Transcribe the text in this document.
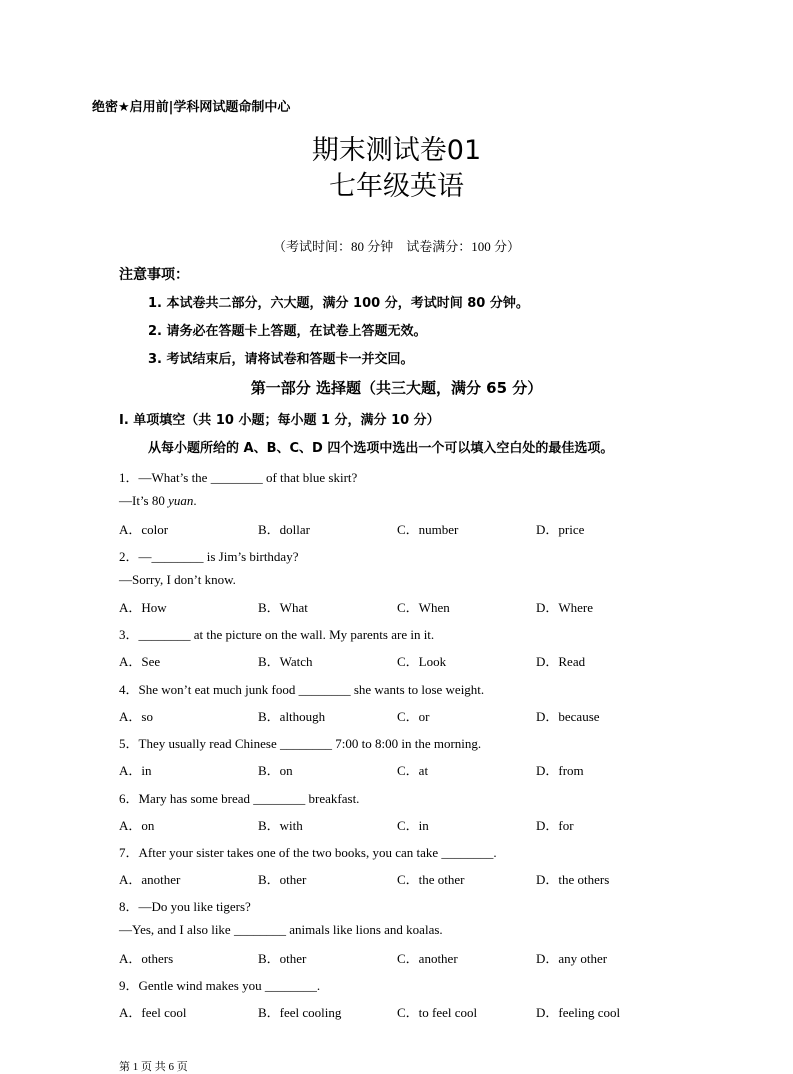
绝密★启用前|学科网试题命制中心
期末测试卷01
七年级英语
（考试时间：80 分钟　试卷满分：100 分）
注意事项：
1. 本试卷共二部分，六大题，满分 100 分，考试时间 80 分钟。
2. 请务必在答题卡上答题，在试卷上答题无效。
3. 考试结束后，请将试卷和答题卡一并交回。
第一部分 选择题（共三大题，满分 65 分）
I. 单项填空（共 10 小题；每小题 1 分，满分 10 分）
从每小题所给的 A、B、C、D 四个选项中选出一个可以填入空白处的最佳选项。
1．—What’s the ________ of that blue skirt?
—It’s 80 yuan.
A．color	B．dollar	C．number	D．price
2．—________ is Jim’s birthday?
—Sorry, I don’t know.
A．How	B．What	C．When	D．Where
3．________ at the picture on the wall. My parents are in it.
A．See	B．Watch	C．Look	D．Read
4．She won’t eat much junk food ________ she wants to lose weight.
A．so	B．although	C．or	D．because
5．They usually read Chinese ________ 7:00 to 8:00 in the morning.
A．in	B．on	C．at	D．from
6．Mary has some bread ________ breakfast.
A．on	B．with	C．in	D．for
7．After your sister takes one of the two books, you can take ________.
A．another	B．other	C．the other	D．the others
8．—Do you like tigers?
—Yes, and I also like ________ animals like lions and koalas.
A．others	B．other	C．another	D．any other
9．Gentle wind makes you ________.
A．feel cool	B．feel cooling	C．to feel cool	D．feeling cool
第 1 页 共 6 页
